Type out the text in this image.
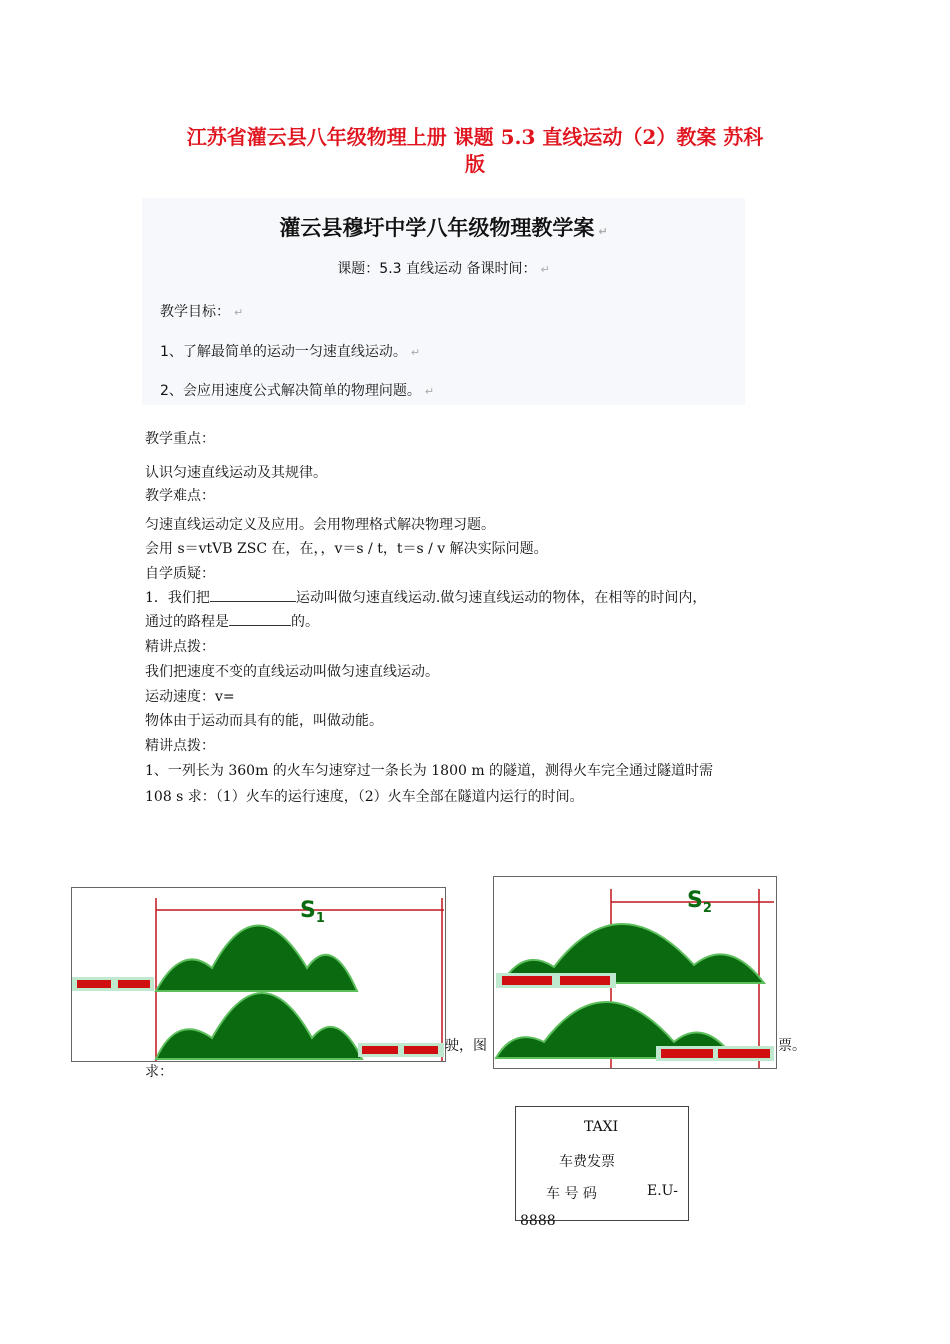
江苏省灌云县八年级物理上册 课题 5.3 直线运动（2）教案 苏科
版
灌云县穆圩中学八年级物理教学案 ↵
课题：5.3 直线运动 备课时间： ↵
教学目标： ↵
1、了解最简单的运动一匀速直线运动。 ↵
2、会应用速度公式解决简单的物理问题。 ↵
教学重点：
认识匀速直线运动及其规律。
教学难点：
匀速直线运动定义及应用。会用物理格式解决物理习题。
会用 s＝vtVB ZSC 在，在，，v＝s / t，t＝s / v 解决实际问题。
自学质疑：
1．我们把	运动叫做匀速直线运动.做匀速直线运动的物体，在相等的时间内，
通过的路程是	的。
精讲点拨：
我们把速度不变的直线运动叫做匀速直线运动。
运动速度：v=
物体由于运动而具有的能，叫做动能。
精讲点拨：
1、一列长为 360m 的火车匀速穿过一条长为 1800 m 的隧道，测得火车完全通过隧道时需
108 s 求：（1）火车的运行速度，（2）火车全部在隧道内运行的时间。
$S_1$
驶，图
$S_2$
票。
求：
TAXI
车费发票
车 号 码	E.U-
8888
